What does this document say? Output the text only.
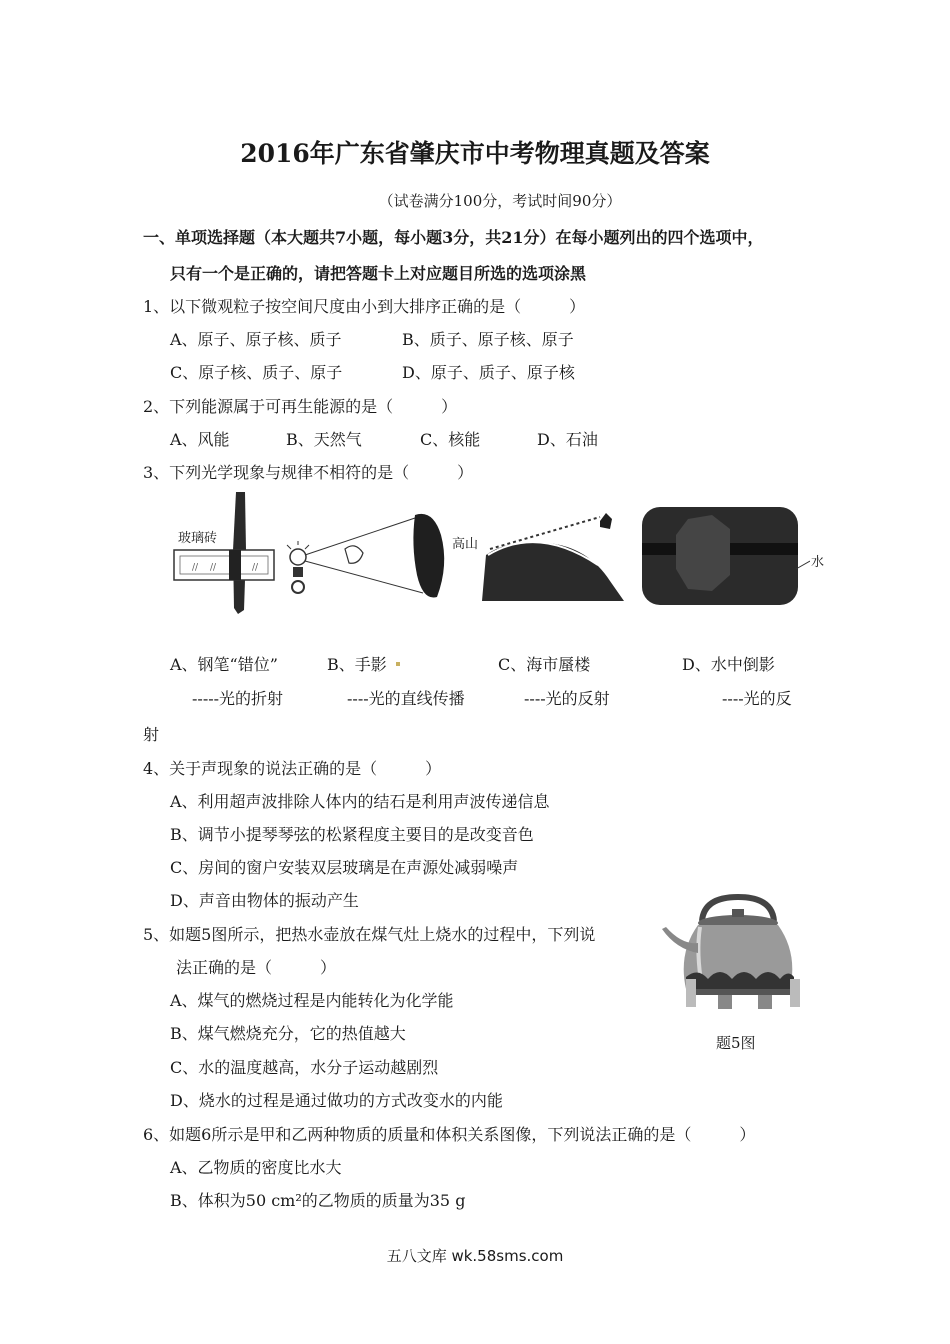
2016年广东省肇庆市中考物理真题及答案
（试卷满分100分，考试时间90分）
一、单项选择题（本大题共7小题，每小题3分，共21分）在每小题列出的四个选项中，
只有一个是正确的，请把答题卡上对应题目所选的选项涂黑
1、以下微观粒子按空间尺度由小到大排序正确的是（　　　）
A、原子、原子核、质子	B、质子、原子核、原子
C、原子核、质子、原子	D、原子、质子、原子核
2、下列能源属于可再生能源的是（　　　）
A、风能	B、天然气	C、核能	D、石油
3、下列光学现象与规律不相符的是（　　　）
// //	//
玻璃砖	高山
水
A、钢笔“错位”	B、手影	C、海市蜃楼	D、水中倒影
-----光的折射	----光的直线传播	----光的反射	----光的反
射
4、关于声现象的说法正确的是（　　　）
A、利用超声波排除人体内的结石是利用声波传递信息
B、调节小提琴琴弦的松紧程度主要目的是改变音色
C、房间的窗户安装双层玻璃是在声源处减弱噪声
D、声音由物体的振动产生
5、如题5图所示，把热水壶放在煤气灶上烧水的过程中，下列说
法正确的是（　　　）
A、煤气的燃烧过程是内能转化为化学能
B、煤气燃烧充分，它的热值越大
C、水的温度越高，水分子运动越剧烈
D、烧水的过程是通过做功的方式改变水的内能
题5图
6、如题6所示是甲和乙两种物质的质量和体积关系图像，下列说法正确的是（　　　）
A、乙物质的密度比水大
B、体积为50 cm²的乙物质的质量为35 g
五八文库 wk.58sms.com
